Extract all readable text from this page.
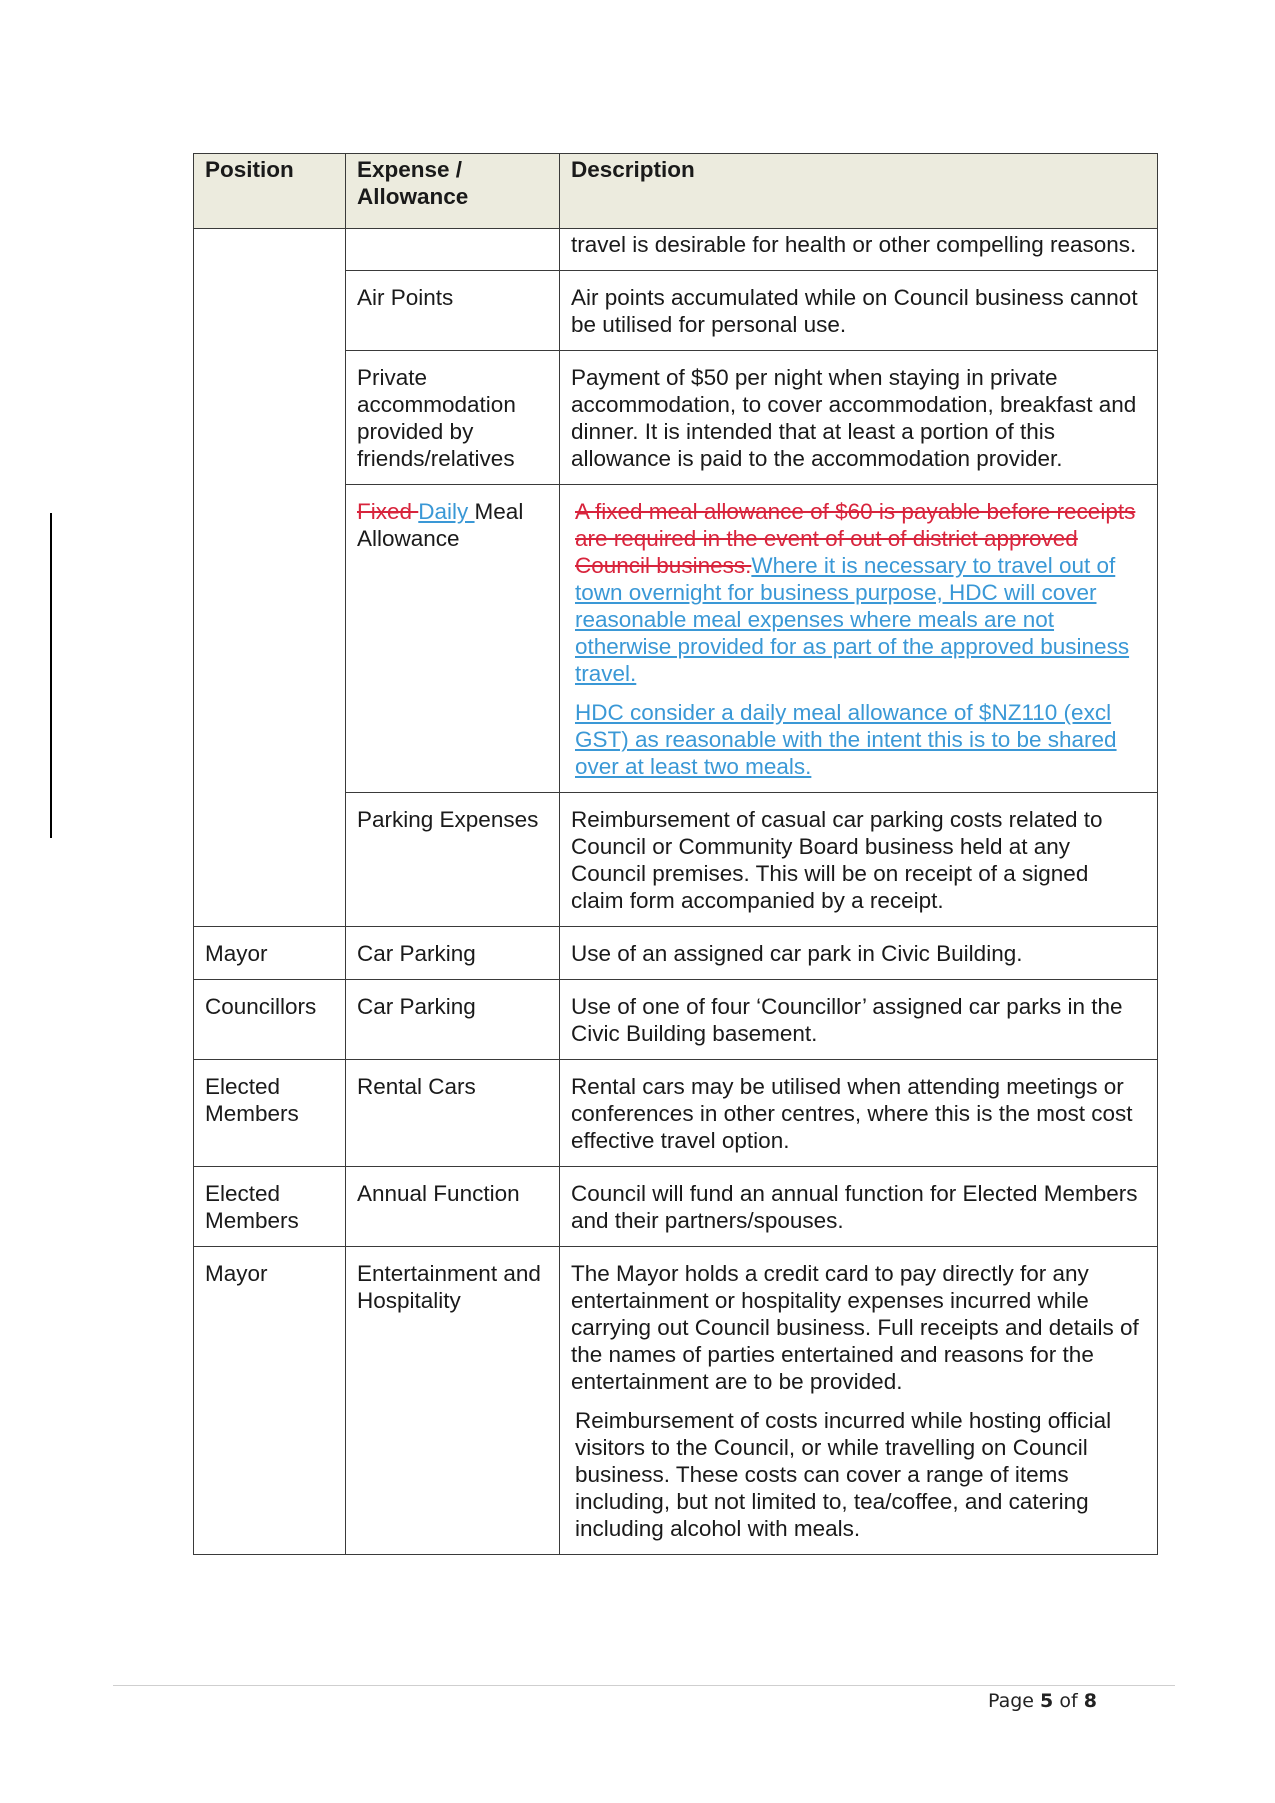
Position	Expense / Allowance	Description
		travel is desirable for health or other compelling reasons.
	Air Points	Air points accumulated while on Council business cannot be utilised for personal use.
	Private accommodation provided by friends/relatives	Payment of $50 per night when staying in private accommodation, to cover accommodation, breakfast and dinner. It is intended that at least a portion of this allowance is paid to the accommodation provider.
	Fixed Daily Meal Allowance	A fixed meal allowance of $60 is payable before receipts are required in the event of out of district approved Council business.Where it is necessary to travel out of town overnight for business purpose, HDC will cover reasonable meal expenses where meals are not otherwise provided for as part of the approved business travel.

HDC consider a daily meal allowance of $NZ110 (excl GST) as reasonable with the intent this is to be shared over at least two meals.

	Parking Expenses	Reimbursement of casual car parking costs related to Council or Community Board business held at any Council premises. This will be on receipt of a signed claim form accompanied by a receipt.
Mayor	Car Parking	Use of an assigned car park in Civic Building.
Councillors	Car Parking	Use of one of four ‘Councillor’ assigned car parks in the Civic Building basement.
Elected Members	Rental Cars	Rental cars may be utilised when attending meetings or conferences in other centres, where this is the most cost effective travel option.
Elected Members	Annual Function	Council will fund an annual function for Elected Members and their partners/spouses.
Mayor	Entertainment and Hospitality	The Mayor holds a credit card to pay directly for any entertainment or hospitality expenses incurred while carrying out Council business. Full receipts and details of the names of parties entertained and reasons for the entertainment are to be provided.

Reimbursement of costs incurred while hosting official visitors to the Council, or while travelling on Council business. These costs can cover a range of items including, but not limited to, tea/coffee, and catering including alcohol with meals.

Page 5 of 8
